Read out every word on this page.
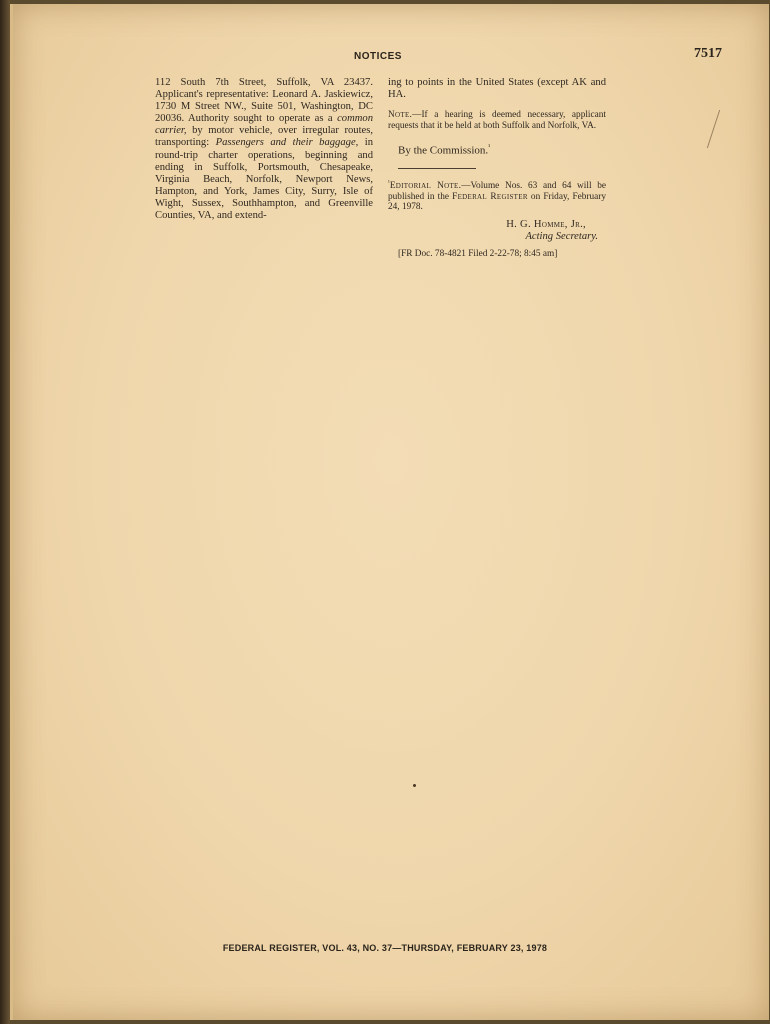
NOTICES	7517

112 South 7th Street, Suffolk, VA 23437. Applicant's representative: Leonard A. Jaskiewicz, 1730 M Street NW., Suite 501, Washington, DC 20036. Authority sought to operate as a common carrier, by motor vehicle, over irregular routes, transporting: Passengers and their baggage, in round-trip charter operations, beginning and ending in Suffolk, Portsmouth, Chesapeake, Virginia Beach, Norfolk, Newport News, Hampton, and York, James City, Surry, Isle of Wight, Sussex, Southhampton, and Greenville Counties, VA, and extend-

ing to points in the United States (except AK and HA.

Note.—If a hearing is deemed necessary, applicant requests that it be held at both Suffolk and Norfolk, VA.

By the Commission.$^{^1}$

$^{^1}$Editorial Note.—Volume Nos. 63 and 64 will be published in the Federal Register on Friday, February 24, 1978.

H. G. Homme, Jr.,

Acting Secretary.

[FR Doc. 78-4821 Filed 2-22-78; 8:45 am]

FEDERAL REGISTER, VOL. 43, NO. 37—THURSDAY, FEBRUARY 23, 1978
